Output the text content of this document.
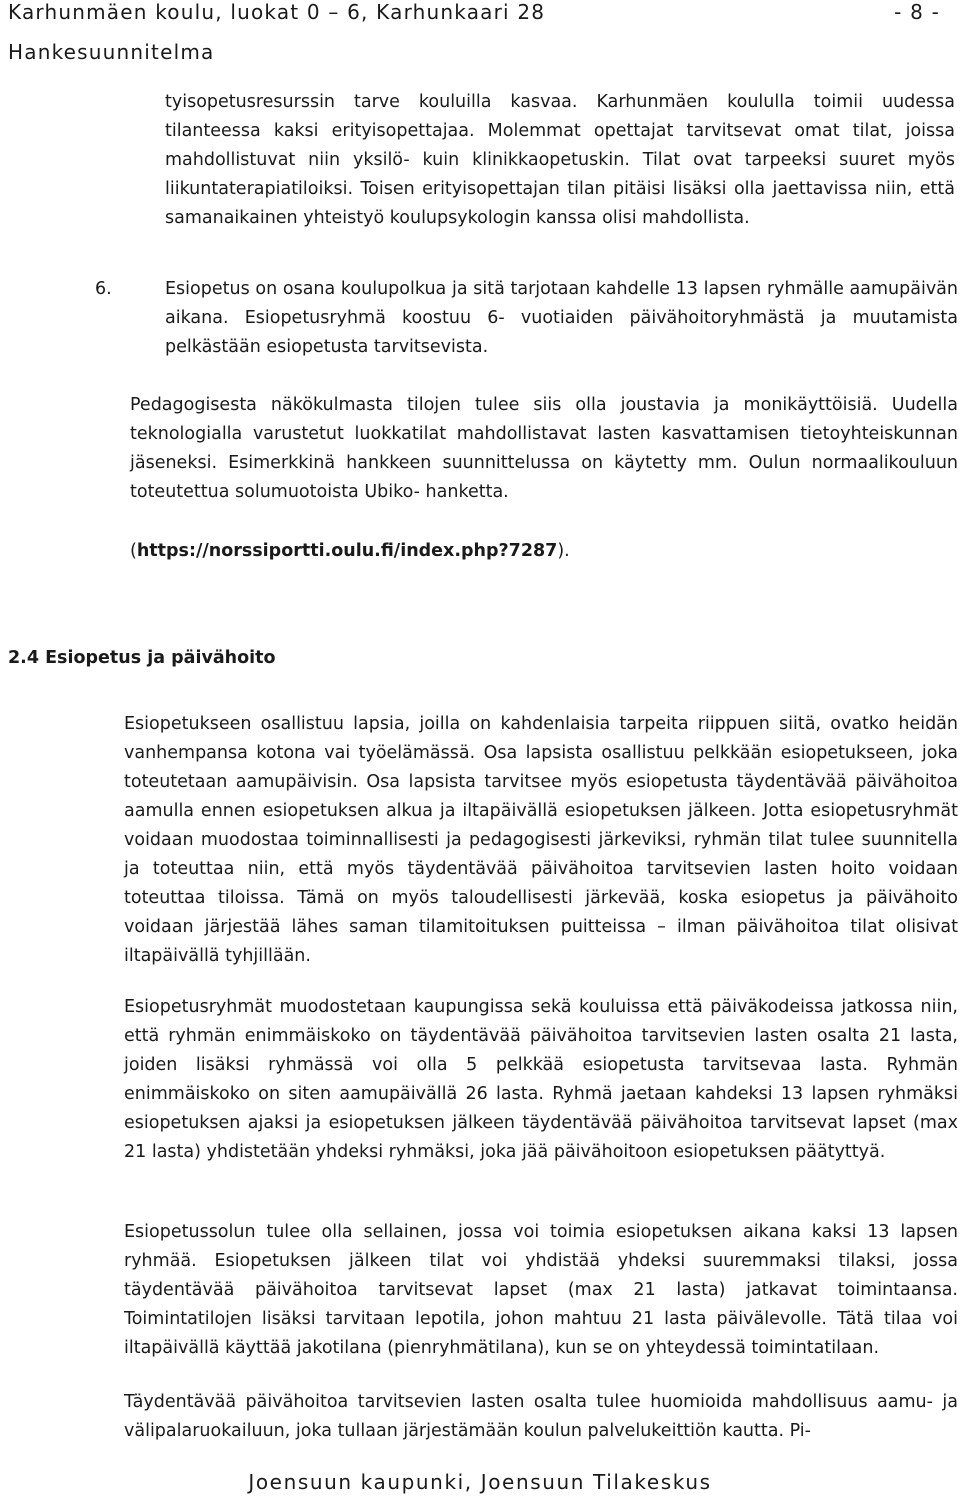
Karhunmäen koulu, luokat 0 – 6, Karhunkaari 28	- 8 -
Hankesuunnitelma

tyisopetusresurssin tarve kouluilla kasvaa. Karhunmäen koululla toimii uudessa tilanteessa kaksi erityisopettajaa. Molemmat opettajat tarvitsevat omat tilat, joissa mahdollistuvat niin yksilö- kuin klinikkaopetuskin. Tilat ovat tarpeeksi suuret myös liikuntaterapiatiloiksi. Toisen erityisopettajan tilan pitäisi lisäksi olla jaettavissa niin, että samanaikainen yhteistyö koulupsykologin kanssa olisi mahdollista.

6.	Esiopetus on osana koulupolkua ja sitä tarjotaan kahdelle 13 lapsen ryhmälle aamupäivän aikana. Esiopetusryhmä koostuu 6- vuotiaiden päivähoitoryhmästä ja muutamista pelkästään esiopetusta tarvitsevista.

Pedagogisesta näkökulmasta tilojen tulee siis olla joustavia ja monikäyttöisiä. Uudella teknologialla varustetut luokkatilat mahdollistavat lasten kasvattamisen tietoyhteiskunnan jäseneksi. Esimerkkinä hankkeen suunnittelussa on käytetty mm. Oulun normaalikouluun toteutettua solumuotoista Ubiko- hanketta.

(https://norssiportti.oulu.fi/index.php?7287).
2.4 Esiopetus ja päivähoito

Esiopetukseen osallistuu lapsia, joilla on kahdenlaisia tarpeita riippuen siitä, ovatko heidän vanhempansa kotona vai työelämässä. Osa lapsista osallistuu pelkkään esiopetukseen, joka toteutetaan aamupäivisin. Osa lapsista tarvitsee myös esiopetusta täydentävää päivähoitoa aamulla ennen esiopetuksen alkua ja iltapäivällä esiopetuksen jälkeen. Jotta esiopetusryhmät voidaan muodostaa toiminnallisesti ja pedagogisesti järkeviksi, ryhmän tilat tulee suunnitella ja toteuttaa niin, että myös täydentävää päivähoitoa tarvitsevien lasten hoito voidaan toteuttaa tiloissa. Tämä on myös taloudellisesti järkevää, koska esiopetus ja päivähoito voidaan järjestää lähes saman tilamitoituksen puitteissa – ilman päivähoitoa tilat olisivat iltapäivällä tyhjillään.

Esiopetusryhmät muodostetaan kaupungissa sekä kouluissa että päiväkodeissa jatkossa niin, että ryhmän enimmäiskoko on täydentävää päivähoitoa tarvitsevien lasten osalta 21 lasta, joiden lisäksi ryhmässä voi olla 5 pelkkää esiopetusta tarvitsevaa lasta. Ryhmän enimmäiskoko on siten aamupäivällä 26 lasta. Ryhmä jaetaan kahdeksi 13 lapsen ryhmäksi esiopetuksen ajaksi ja esiopetuksen jälkeen täydentävää päivähoitoa tarvitsevat lapset (max 21 lasta) yhdistetään yhdeksi ryhmäksi, joka jää päivähoitoon esiopetuksen päätyttyä.

Esiopetussolun tulee olla sellainen, jossa voi toimia esiopetuksen aikana kaksi 13 lapsen ryhmää. Esiopetuksen jälkeen tilat voi yhdistää yhdeksi suuremmaksi tilaksi, jossa täydentävää päivähoitoa tarvitsevat lapset (max 21 lasta) jatkavat toimintaansa. Toimintatilojen lisäksi tarvitaan lepotila, johon mahtuu 21 lasta päivälevolle. Tätä tilaa voi iltapäivällä käyttää jakotilana (pienryhmätilana), kun se on yhteydessä toimintatilaan.

Täydentävää päivähoitoa tarvitsevien lasten osalta tulee huomioida mahdollisuus aamu- ja välipalaruokailuun, joka tullaan järjestämään koulun palvelukeittiön kautta. Pi-

Joensuun kaupunki, Joensuun Tilakeskus
